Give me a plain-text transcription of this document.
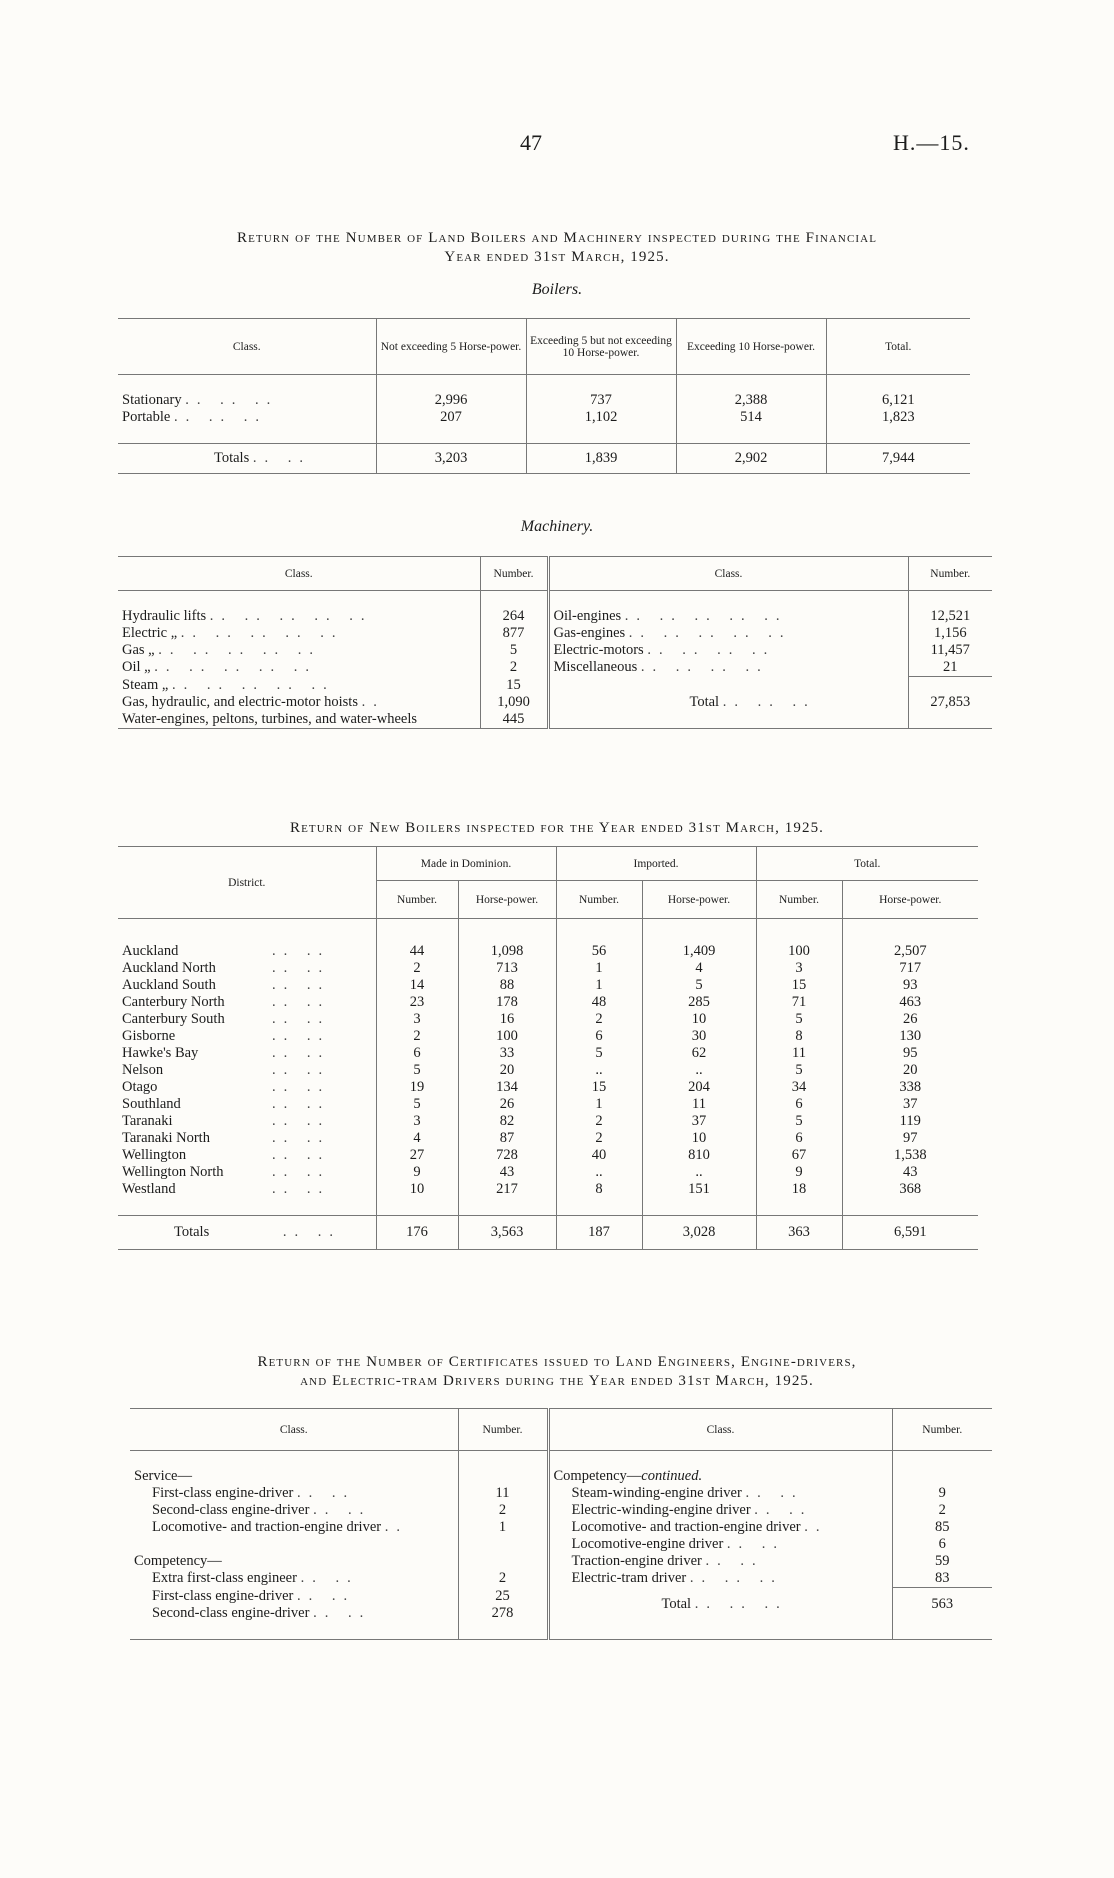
47	H.—15.
Return of the Number of Land Boilers and Machinery inspected during the Financial
Year ended 31st March, 1925.
Boilers.
Class.	Not exceeding 5 Horse-power.	Exceeding 5 but not exceeding 10 Horse-power.	Exceeding 10 Horse-power.	Total.

Stationary .. .. ..	2,996	737	2,388	6,121
Portable .. .. ..	207	1,102	514	1,823

Totals .. ..	3,203	1,839	2,902	7,944
Machinery.
Class.	Number.	Class.	Number.

Hydraulic lifts .. .. .. .. ..	264	Oil-engines .. .. .. .. ..	12,521
Electric „ .. .. .. .. ..	877	Gas-engines .. .. .. .. ..	1,156
Gas „ .. .. .. .. ..	5	Electric-motors .. .. .. ..	11,457
Oil „ .. .. .. .. ..	2	Miscellaneous .. .. .. ..	21
Steam „ .. .. .. .. ..	15		
Gas, hydraulic, and electric-motor hoists ..	1,090	Total .. .. ..	27,853
Water-engines, peltons, turbines, and water-wheels	445		
Return of New Boilers inspected for the Year ended 31st March, 1925.
District.	Made in Dominion.		Imported.		Total.	
	Number.	Horse-power.	Number.	Horse-power.	Number.	Horse-power.

Auckland .. ..	44	1,098	56	1,409	100	2,507
Auckland North .. ..	2	713	1	4	3	717
Auckland South .. ..	14	88	1	5	15	93
Canterbury North .. ..	23	178	48	285	71	463
Canterbury South .. ..	3	16	2	10	5	26
Gisborne .. ..	2	100	6	30	8	130
Hawke's Bay .. ..	6	33	5	62	11	95
Nelson .. ..	5	20	..	..	5	20
Otago .. ..	19	134	15	204	34	338
Southland .. ..	5	26	1	11	6	37
Taranaki .. ..	3	82	2	37	5	119
Taranaki North .. ..	4	87	2	10	6	97
Wellington .. ..	27	728	40	810	67	1,538
Wellington North .. ..	9	43	..	..	9	43
Westland .. ..	10	217	8	151	18	368

Totals .. ..	176	3,563	187	3,028	363	6,591
Return of the Number of Certificates issued to Land Engineers, Engine-drivers,
and Electric-tram Drivers during the Year ended 31st March, 1925.
Class.	Number.	Class.	Number.

Service—		Competency—continued.	
First-class engine-driver .. ..	11	Steam-winding-engine driver .. ..	9
Second-class engine-driver .. ..	2	Electric-winding-engine driver .. ..	2
Locomotive- and traction-engine driver ..	1	Locomotive- and traction-engine driver ..	85
		Locomotive-engine driver .. ..	6
Competency—		Traction-engine driver .. ..	59
Extra first-class engineer .. ..	2	Electric-tram driver .. .. ..	83
First-class engine-driver .. ..	25	Total .. .. ..	563
Second-class engine-driver .. ..	278		
